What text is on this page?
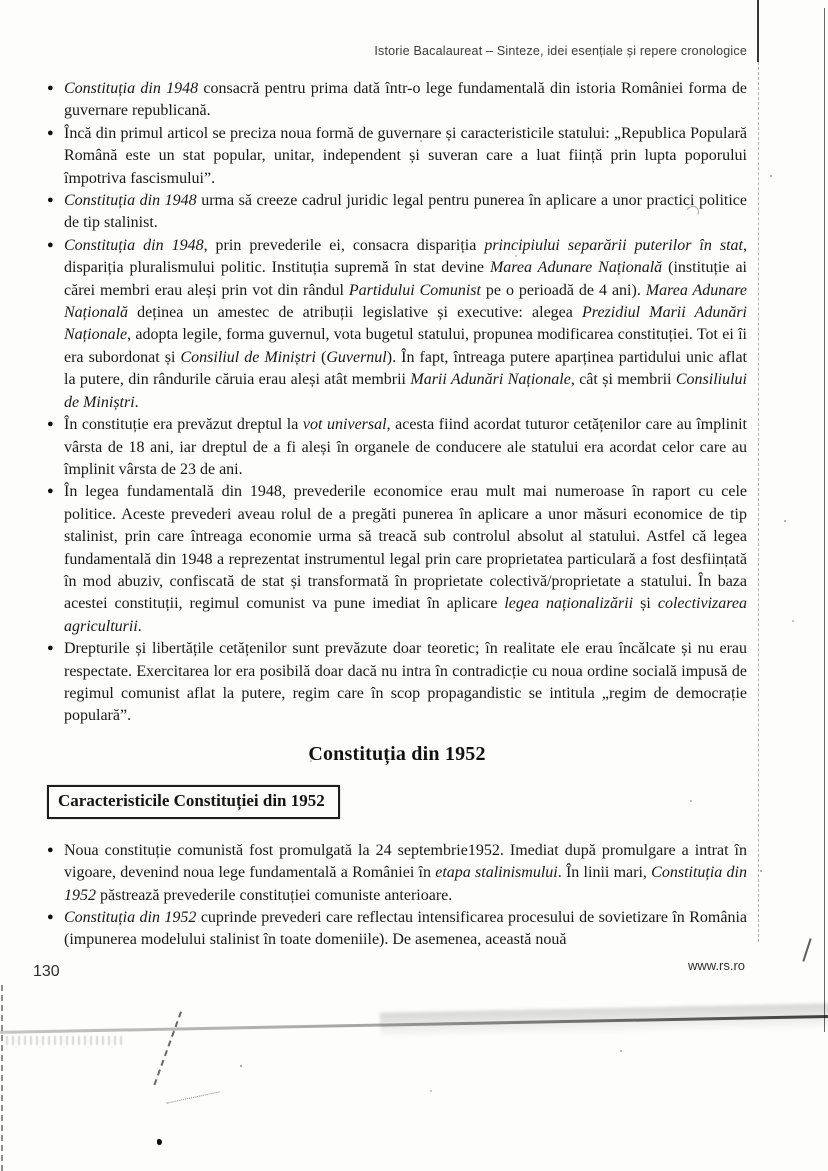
Istorie Bacalaureat – Sinteze, idei esențiale și repere cronologice
● Constituția din 1948 consacră pentru prima dată într-o lege fundamentală din istoria României forma de guvernare republicană.
● Încă din primul articol se preciza noua formă de guvernare și caracteristicile statului: „Republica Populară Română este un stat popular, unitar, independent și suveran care a luat ființă prin lupta poporului împotriva fascismului”.
● Constituția din 1948 urma să creeze cadrul juridic legal pentru punerea în aplicare a unor practici politice de tip stalinist.
● Constituția din 1948, prin prevederile ei, consacra dispariția principiului separării puterilor în stat, dispariția pluralismului politic. Instituția supremă în stat devine Marea Adunare Națională (instituție ai cărei membri erau aleși prin vot din rândul Partidului Comunist pe o perioadă de 4 ani). Marea Adunare Națională deținea un amestec de atribuții legislative și executive: alegea Prezidiul Marii Adunări Naționale, adopta legile, forma guvernul, vota bugetul statului, propunea modificarea constituției. Tot ei îi era subordonat și Consiliul de Miniștri (Guvernul). În fapt, întreaga putere aparținea partidului unic aflat la putere, din rândurile căruia erau aleși atât membrii Marii Adunări Naționale, cât și membrii Consiliului de Miniștri.
● În constituție era prevăzut dreptul la vot universal, acesta fiind acordat tuturor cetățenilor care au împlinit vârsta de 18 ani, iar dreptul de a fi aleși în organele de conducere ale statului era acordat celor care au împlinit vârsta de 23 de ani.
● În legea fundamentală din 1948, prevederile economice erau mult mai numeroase în raport cu cele politice. Aceste prevederi aveau rolul de a pregăti punerea în aplicare a unor măsuri economice de tip stalinist, prin care întreaga economie urma să treacă sub controlul absolut al statului. Astfel că legea fundamentală din 1948 a reprezentat instrumentul legal prin care proprietatea particulară a fost desființată în mod abuziv, confiscată de stat și transformată în proprietate colectivă/proprietate a statului. În baza acestei constituții, regimul comunist va pune imediat în aplicare legea naționalizării și colectivizarea agriculturii.
● Drepturile și libertățile cetățenilor sunt prevăzute doar teoretic; în realitate ele erau încălcate și nu erau respectate. Exercitarea lor era posibilă doar dacă nu intra în contradicție cu noua ordine socială impusă de regimul comunist aflat la putere, regim care în scop propagandistic se intitula „regim de democrație populară”.
Constituția din 1952
Caracteristicile Constituției din 1952
● Noua constituție comunistă fost promulgată la 24 septembrie1952. Imediat după promulgare a intrat în vigoare, devenind noua lege fundamentală a României în etapa stalinismului. În linii mari, Constituția din 1952 păstrează prevederile constituției comuniste anterioare.
● Constituția din 1952 cuprinde prevederi care reflectau intensificarea procesului de sovietizare în România (impunerea modelului stalinist în toate domeniile). De asemenea, această nouă
130	www.rs.ro
